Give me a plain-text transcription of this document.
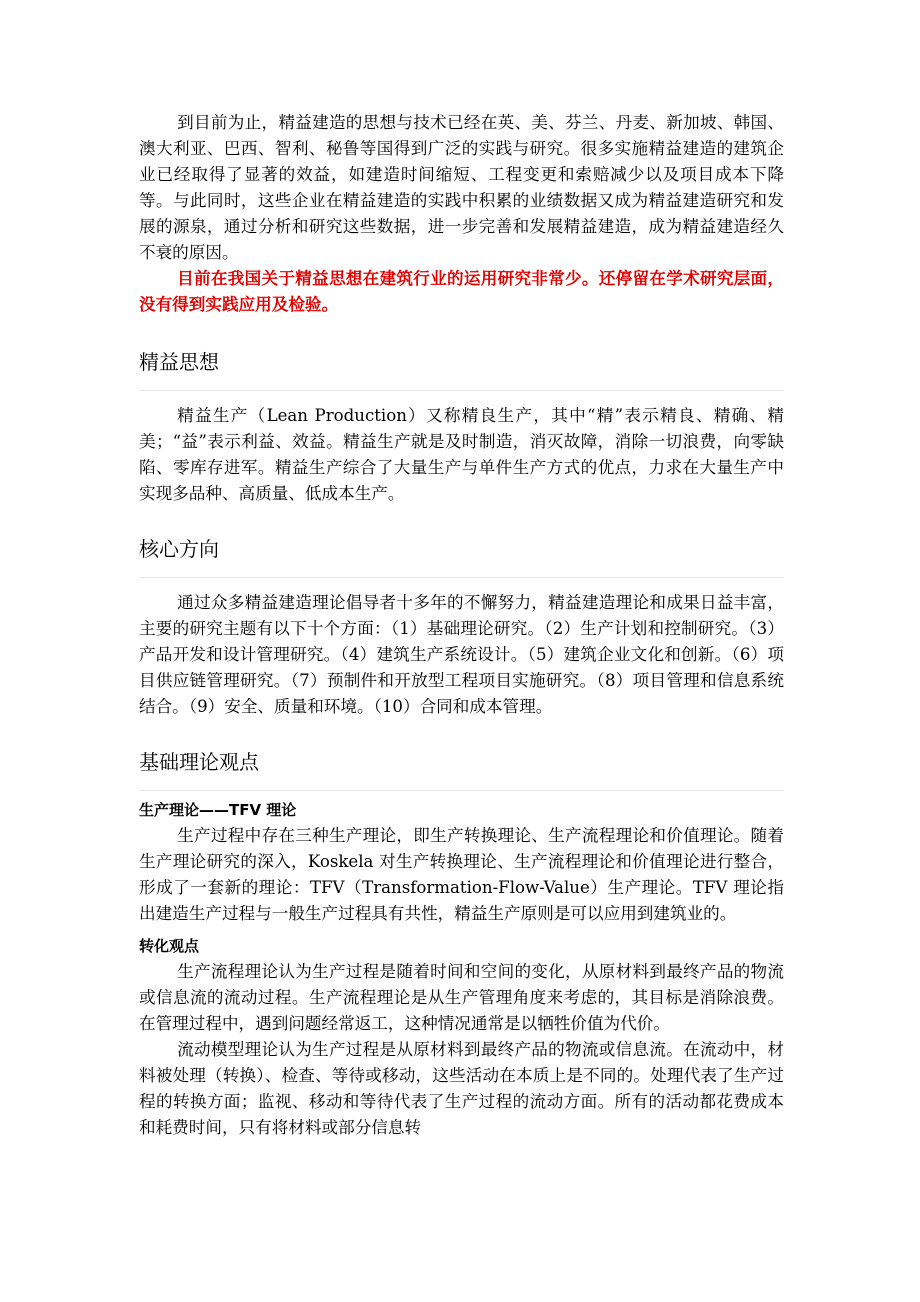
到目前为止，精益建造的思想与技术已经在英、美、芬兰、丹麦、新加坡、韩国、澳大利亚、巴西、智利、秘鲁等国得到广泛的实践与研究。很多实施精益建造的建筑企业已经取得了显著的效益，如建造时间缩短、工程变更和索赔减少以及项目成本下降等。与此同时，这些企业在精益建造的实践中积累的业绩数据又成为精益建造研究和发展的源泉，通过分析和研究这些数据，进一步完善和发展精益建造，成为精益建造经久不衰的原因。

目前在我国关于精益思想在建筑行业的运用研究非常少。还停留在学术研究层面，没有得到实践应用及检验。

精益思想

精益生产（Lean Production）又称精良生产，其中“精”表示精良、精确、精美；“益”表示利益、效益。精益生产就是及时制造，消灭故障，消除一切浪费，向零缺陷、零库存进军。精益生产综合了大量生产与单件生产方式的优点，力求在大量生产中实现多品种、高质量、低成本生产。

核心方向

通过众多精益建造理论倡导者十多年的不懈努力，精益建造理论和成果日益丰富，主要的研究主题有以下十个方面：（1）基础理论研究。（2）生产计划和控制研究。（3）产品开发和设计管理研究。（4）建筑生产系统设计。（5）建筑企业文化和创新。（6）项目供应链管理研究。（7）预制件和开放型工程项目实施研究。（8）项目管理和信息系统结合。（9）安全、质量和环境。（10）合同和成本管理。

基础理论观点
生产理论——TFV 理论

生产过程中存在三种生产理论，即生产转换理论、生产流程理论和价值理论。随着生产理论研究的深入，Koskela 对生产转换理论、生产流程理论和价值理论进行整合，形成了一套新的理论：TFV（Transformation-Flow-Value）生产理论。TFV 理论指出建造生产过程与一般生产过程具有共性，精益生产原则是可以应用到建筑业的。

转化观点

生产流程理论认为生产过程是随着时间和空间的变化，从原材料到最终产品的物流或信息流的流动过程。生产流程理论是从生产管理角度来考虑的，其目标是消除浪费。在管理过程中，遇到问题经常返工，这种情况通常是以牺牲价值为代价。

流动模型理论认为生产过程是从原材料到最终产品的物流或信息流。在流动中，材料被处理（转换）、检查、等待或移动，这些活动在本质上是不同的。处理代表了生产过程的转换方面；监视、移动和等待代表了生产过程的流动方面。所有的活动都花费成本和耗费时间，只有将材料或部分信息转
